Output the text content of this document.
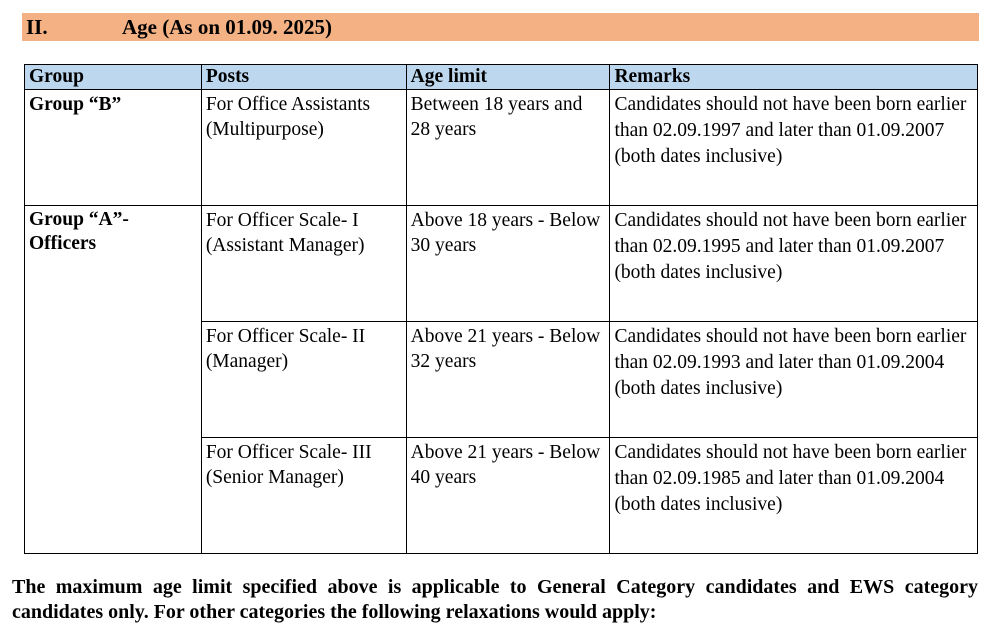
II.	Age (As on 01.09. 2025)
Group	Posts	Age limit	Remarks
Group “B”	For Office Assistants (Multipurpose)	Between 18 years and 28 years	Candidates should not have been born earlier than 02.09.1997 and later than 01.09.2007 (both dates inclusive)
Group “A”-
Officers	For Officer Scale- I (Assistant Manager)	Above 18 years - Below 30 years	Candidates should not have been born earlier than 02.09.1995 and later than 01.09.2007 (both dates inclusive)
	For Officer Scale- II (Manager)	Above 21 years - Below 32 years	Candidates should not have been born earlier than 02.09.1993 and later than 01.09.2004 (both dates inclusive)
	For Officer Scale- III (Senior Manager)	Above 21 years - Below 40 years	Candidates should not have been born earlier than 02.09.1985 and later than 01.09.2004 (both dates inclusive)
The maximum age limit specified above is applicable to General Category candidates and EWS category candidates only. For other categories the following relaxations would apply:
